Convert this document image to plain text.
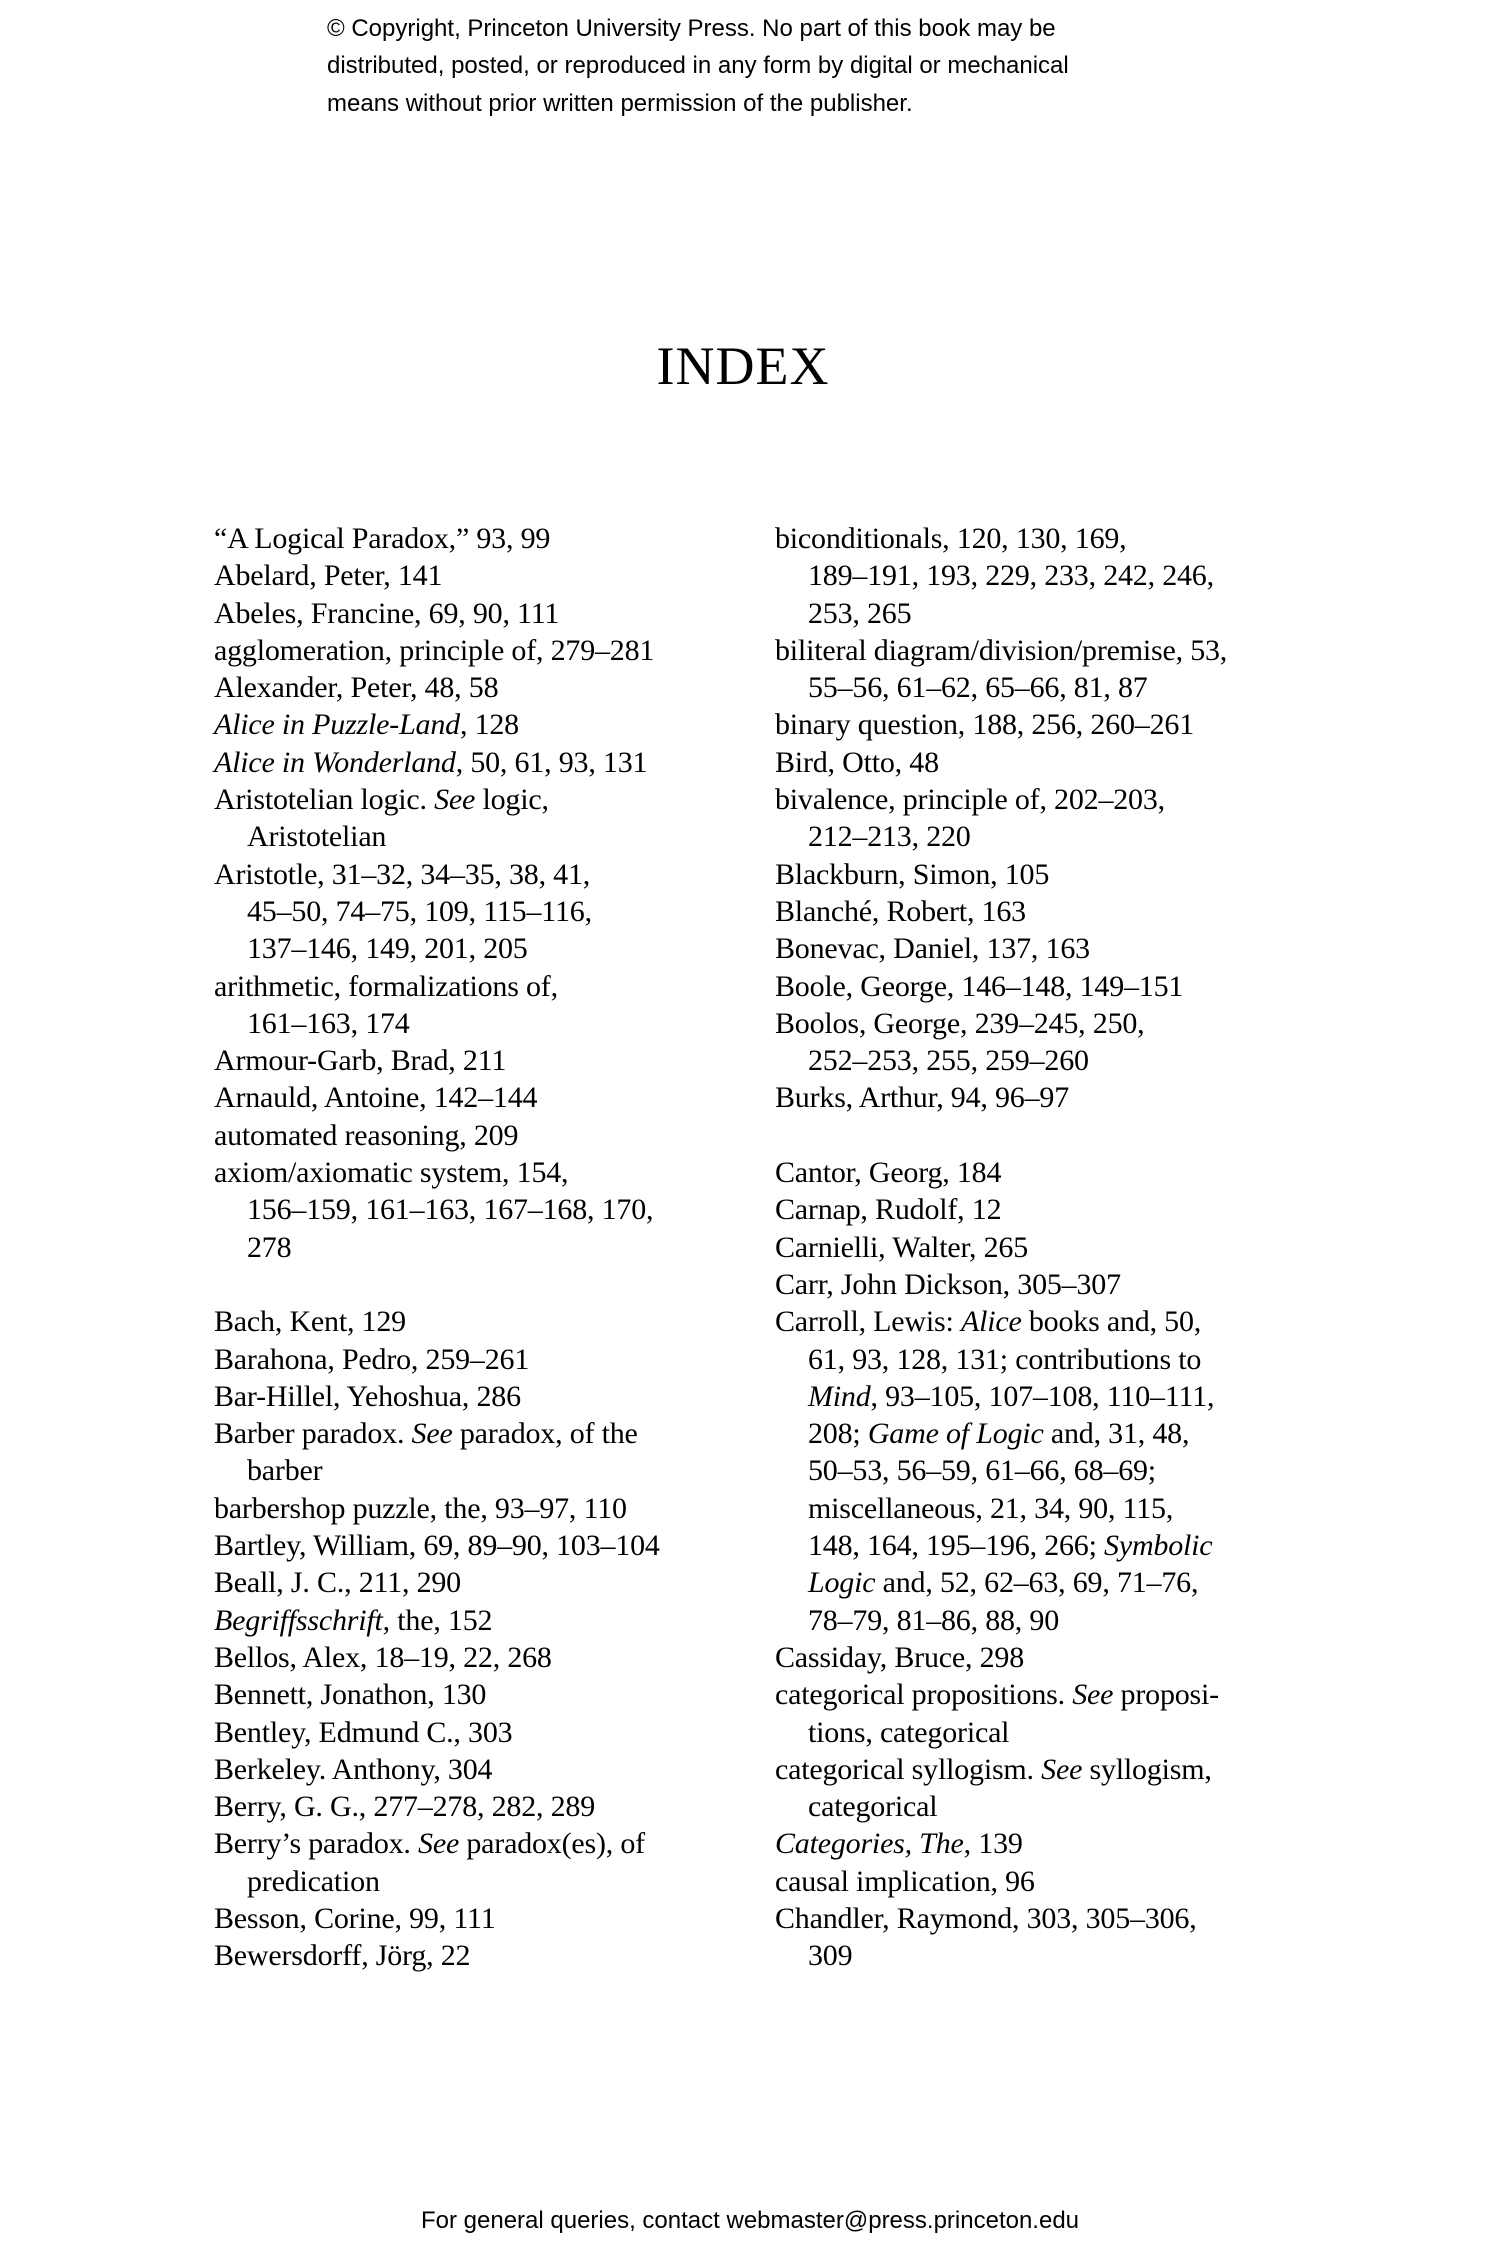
© Copyright, Princeton University Press. No part of this book may be
distributed, posted, or reproduced in any form by digital or mechanical
means without prior written permission of the publisher.
INDEX
“A Logical Paradox,” 93, 99
Abelard, Peter, 141
Abeles, Francine, 69, 90, 111
agglomeration, principle of, 279–281
Alexander, Peter, 48, 58
Alice in Puzzle-Land, 128
Alice in Wonderland, 50, 61, 93, 131
Aristotelian logic. See logic,
Aristotelian
Aristotle, 31–32, 34–35, 38, 41,
45–50, 74–75, 109, 115–116,
137–146, 149, 201, 205
arithmetic, formalizations of,
161–163, 174
Armour-Garb, Brad, 211
Arnauld, Antoine, 142–144
automated reasoning, 209
axiom/axiomatic system, 154,
156–159, 161–163, 167–168, 170,
278

Bach, Kent, 129
Barahona, Pedro, 259–261
Bar-Hillel, Yehoshua, 286
Barber paradox. See paradox, of the
barber
barbershop puzzle, the, 93–97, 110
Bartley, William, 69, 89–90, 103–104
Beall, J. C., 211, 290
Begriffsschrift, the, 152
Bellos, Alex, 18–19, 22, 268
Bennett, Jonathon, 130
Bentley, Edmund C., 303
Berkeley. Anthony, 304
Berry, G. G., 277–278, 282, 289
Berry’s paradox. See paradox(es), of
predication
Besson, Corine, 99, 111
Bewersdorff, Jörg, 22
biconditionals, 120, 130, 169,
189–191, 193, 229, 233, 242, 246,
253, 265
biliteral diagram/division/premise, 53,
55–56, 61–62, 65–66, 81, 87
binary question, 188, 256, 260–261
Bird, Otto, 48
bivalence, principle of, 202–203,
212–213, 220
Blackburn, Simon, 105
Blanché, Robert, 163
Bonevac, Daniel, 137, 163
Boole, George, 146–148, 149–151
Boolos, George, 239–245, 250,
252–253, 255, 259–260
Burks, Arthur, 94, 96–97

Cantor, Georg, 184
Carnap, Rudolf, 12
Carnielli, Walter, 265
Carr, John Dickson, 305–307
Carroll, Lewis: Alice books and, 50,
61, 93, 128, 131; contributions to
Mind, 93–105, 107–108, 110–111,
208; Game of Logic and, 31, 48,
50–53, 56–59, 61–66, 68–69;
miscellaneous, 21, 34, 90, 115,
148, 164, 195–196, 266; Symbolic
Logic and, 52, 62–63, 69, 71–76,
78–79, 81–86, 88, 90
Cassiday, Bruce, 298
categorical propositions. See proposi-
tions, categorical
categorical syllogism. See syllogism,
categorical
Categories, The, 139
causal implication, 96
Chandler, Raymond, 303, 305–306,
309
For general queries, contact webmaster@press.princeton.edu
